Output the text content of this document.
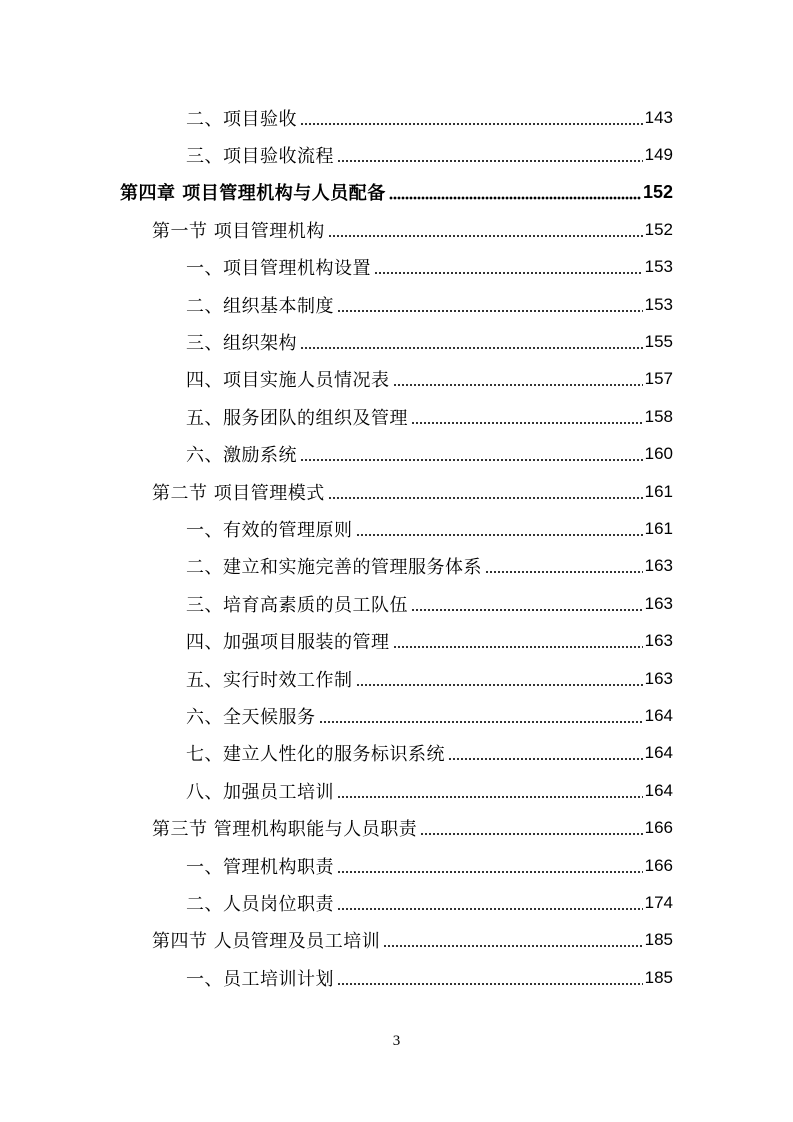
二、项目验收	143
三、项目验收流程	149
第四章 项目管理机构与人员配备	152
第一节 项目管理机构	152
一、项目管理机构设置	153
二、组织基本制度	153
三、组织架构	155
四、项目实施人员情况表	157
五、服务团队的组织及管理	158
六、激励系统	160
第二节 项目管理模式	161
一、有效的管理原则	161
二、建立和实施完善的管理服务体系	163
三、培育高素质的员工队伍	163
四、加强项目服装的管理	163
五、实行时效工作制	163
六、全天候服务	164
七、建立人性化的服务标识系统	164
八、加强员工培训	164
第三节 管理机构职能与人员职责	166
一、管理机构职责	166
二、人员岗位职责	174
第四节 人员管理及员工培训	185
一、员工培训计划	185
3
